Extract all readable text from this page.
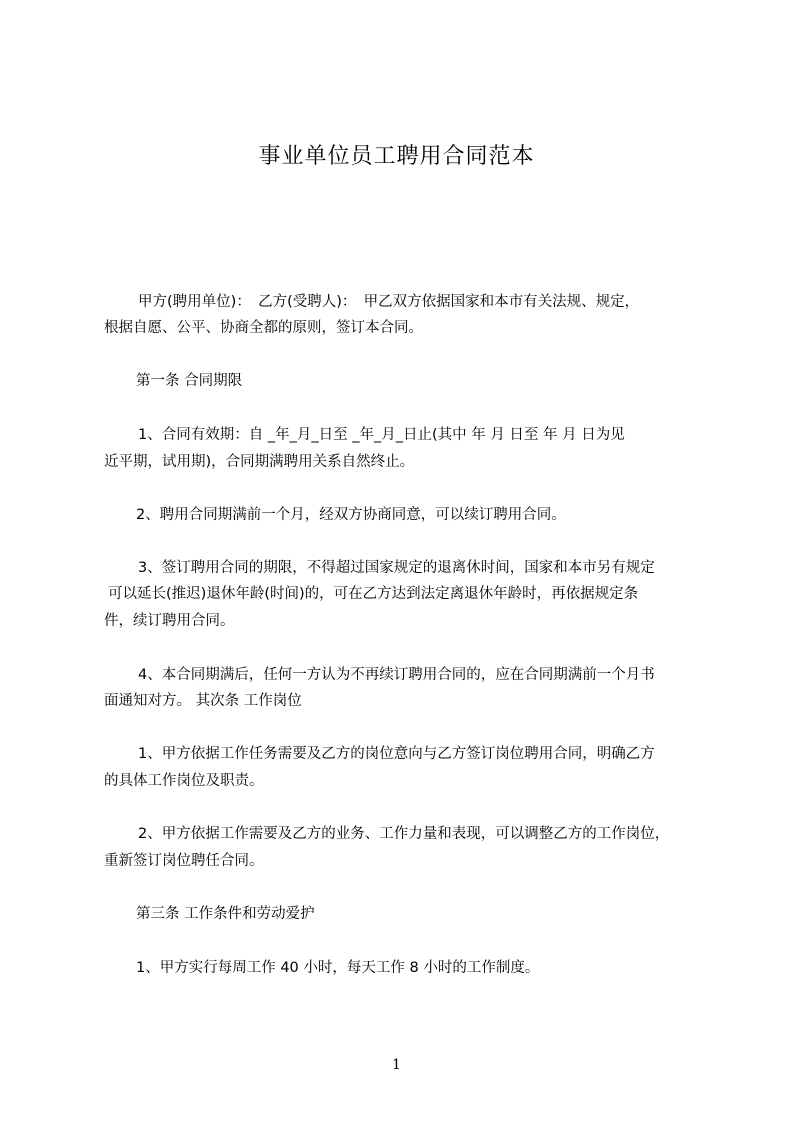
事业单位员工聘用合同范本
甲方(聘用单位)：　乙方(受聘人)：　甲乙双方依据国家和本市有关法规、规定，
根据自愿、公平、协商全都的原则，签订本合同。
第一条 合同期限
1、合同有效期：自 _年_月_日至 _年_月_日止(其中 年 月 日至 年 月 日为见
近平期，试用期)，合同期满聘用关系自然终止。
2、聘用合同期满前一个月，经双方协商同意，可以续订聘用合同。
3、签订聘用合同的期限，不得超过国家规定的退离休时间，国家和本市另有规定
可以延长(推迟)退休年龄(时间)的，可在乙方达到法定离退休年龄时，再依据规定条
件，续订聘用合同。
4、本合同期满后，任何一方认为不再续订聘用合同的，应在合同期满前一个月书
面通知对方。 其次条 工作岗位
1、甲方依据工作任务需要及乙方的岗位意向与乙方签订岗位聘用合同，明确乙方
的具体工作岗位及职责。
2、甲方依据工作需要及乙方的业务、工作力量和表现，可以调整乙方的工作岗位，
重新签订岗位聘任合同。
第三条 工作条件和劳动爱护
1、甲方实行每周工作 40 小时，每天工作 8 小时的工作制度。
1
